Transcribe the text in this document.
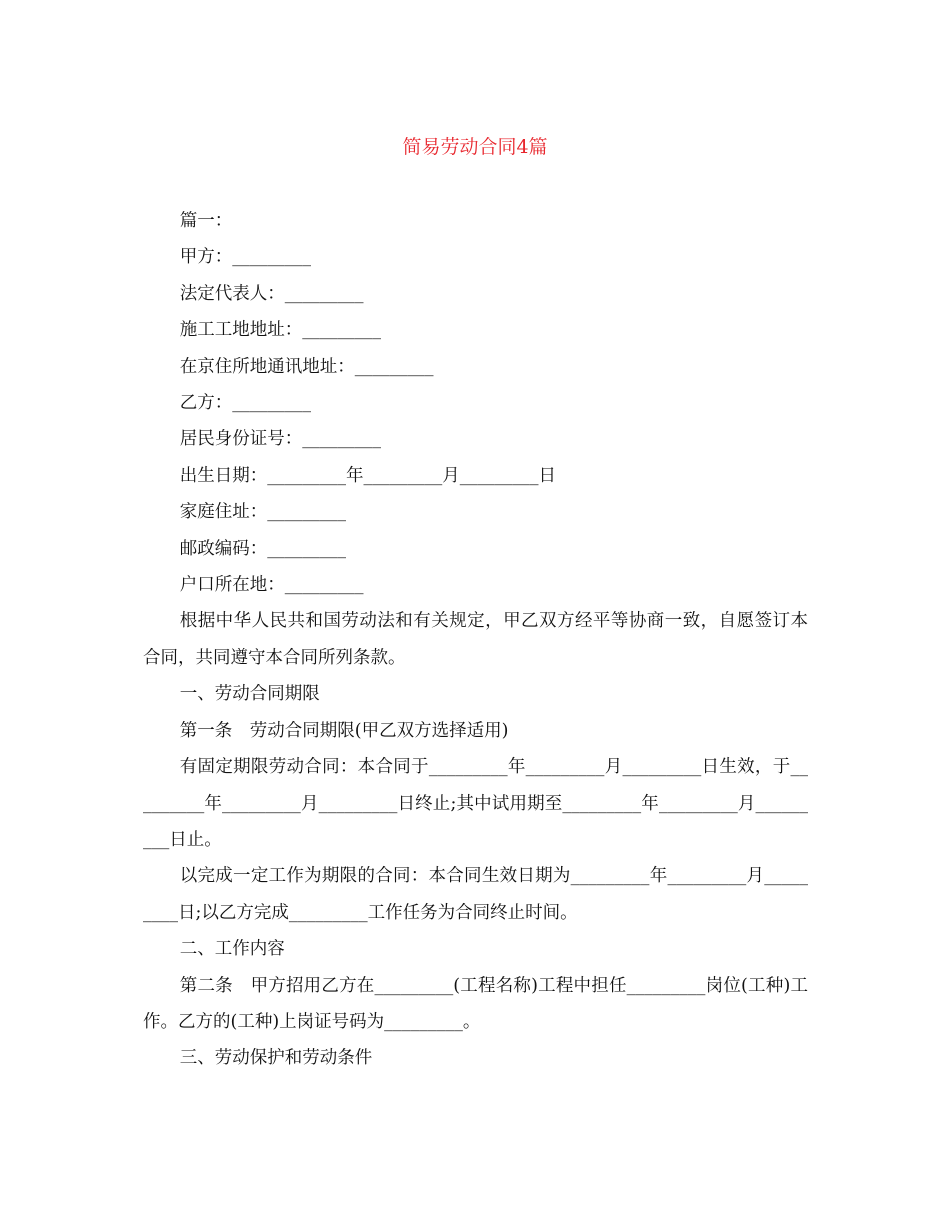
简易劳动合同4篇

篇一：

甲方：_________

法定代表人：_________

施工工地地址：_________

在京住所地通讯地址：_________

乙方：_________

居民身份证号：_________

出生日期：_________年_________月_________日

家庭住址：_________

邮政编码：_________

户口所在地：_________

根据中华人民共和国劳动法和有关规定，甲乙双方经平等协商一致，自愿签订本合同，共同遵守本合同所列条款。

一、劳动合同期限

第一条　劳动合同期限(甲乙双方选择适用)

有固定期限劳动合同：本合同于_________年_________月_________日生效，于_________年_________月_________日终止;其中试用期至_________年_________月_________日止。

以完成一定工作为期限的合同：本合同生效日期为_________年_________月_________日;以乙方完成_________工作任务为合同终止时间。

二、工作内容

第二条　甲方招用乙方在_________(工程名称)工程中担任_________岗位(工种)工作。乙方的(工种)上岗证号码为_________。

三、劳动保护和劳动条件
